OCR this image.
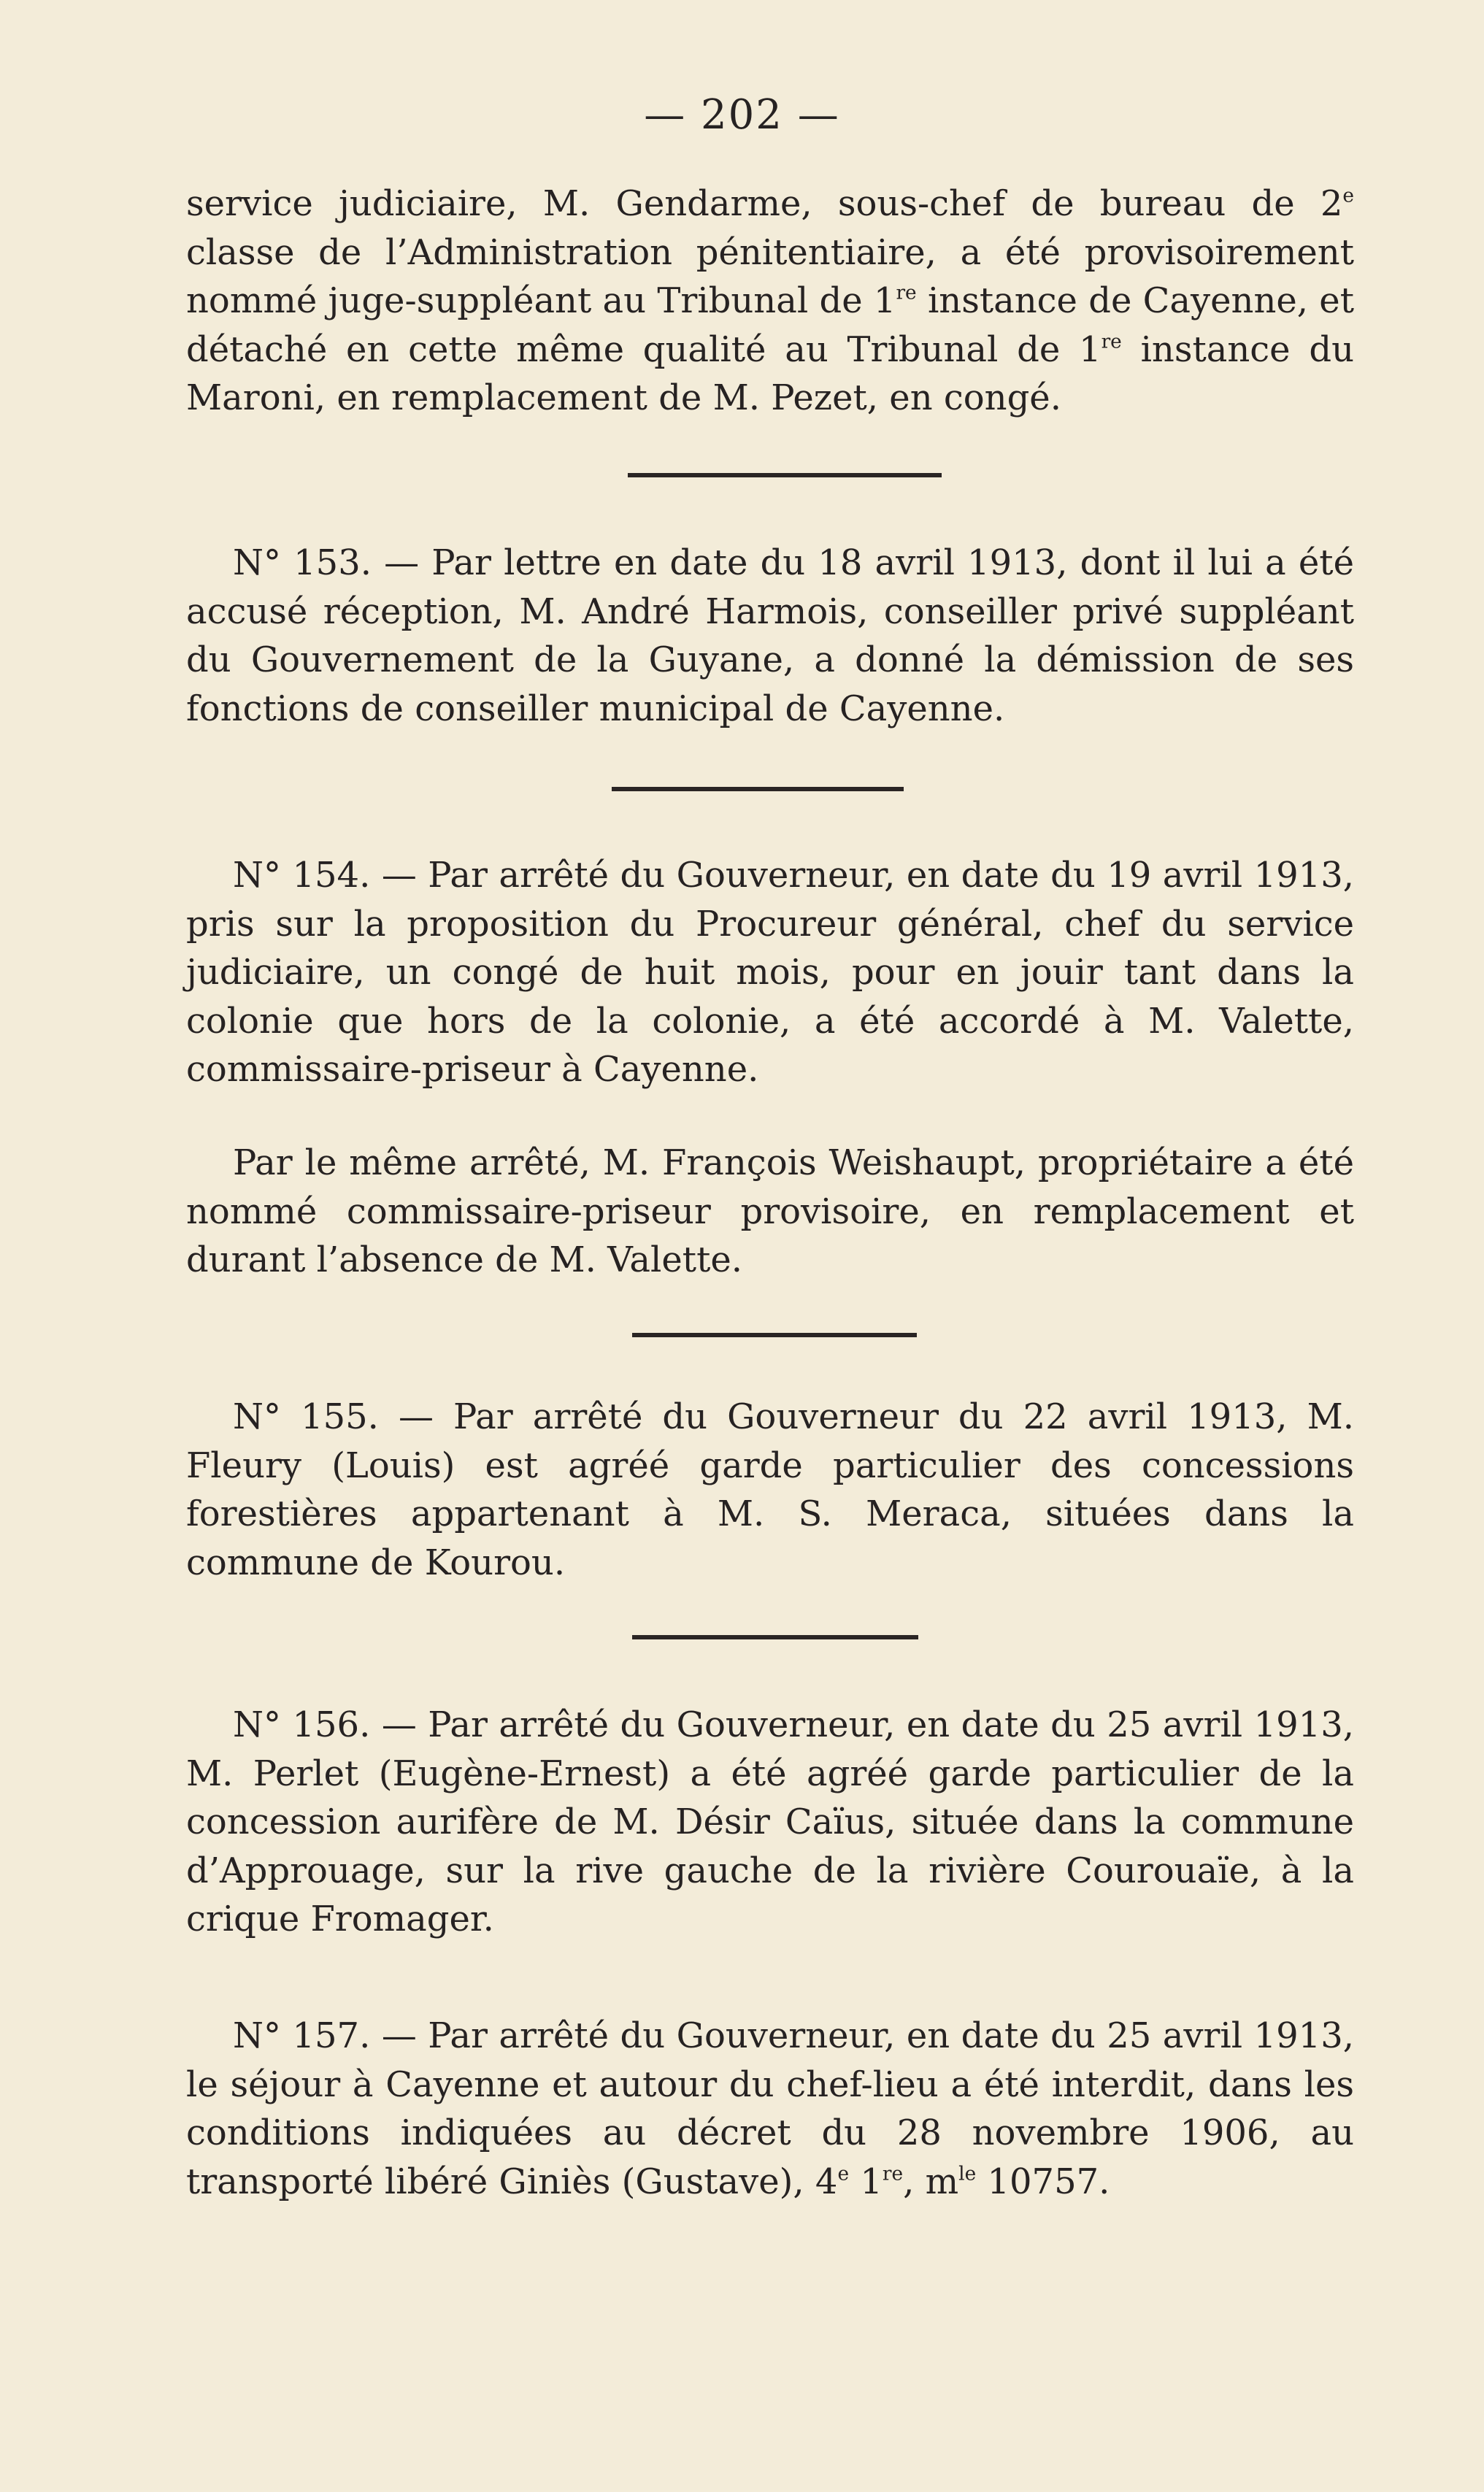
— 202 —

service judiciaire, M. Gendarme, sous-chef de bureau de 2e classe de l’Administration pénitentiaire, a été provisoirement nommé juge-suppléant au Tribunal de 1re instance de Cayenne, et détaché en cette même qualité au Tribunal de 1re instance du Maroni, en remplacement de M. Pezet, en congé.

N° 153. — Par lettre en date du 18 avril 1913, dont il lui a été accusé réception, M. André Harmois, conseiller privé suppléant du Gouvernement de la Guyane, a donné la démission de ses fonctions de conseiller municipal de Cayenne.

N° 154. — Par arrêté du Gouverneur, en date du 19 avril 1913, pris sur la proposition du Procureur général, chef du service judiciaire, un congé de huit mois, pour en jouir tant dans la colonie que hors de la colonie, a été accordé à M. Valette, commissaire-priseur à Cayenne.

Par le même arrêté, M. François Weishaupt, propriétaire a été nommé commissaire-priseur provisoire, en remplacement et durant l’absence de M. Valette.

N° 155. — Par arrêté du Gouverneur du 22 avril 1913, M. Fleury (Louis) est agréé garde particulier des concessions forestières appartenant à M. S. Meraca, situées dans la commune de Kourou.

N° 156. — Par arrêté du Gouverneur, en date du 25 avril 1913, M. Perlet (Eugène-Ernest) a été agréé garde particulier de la concession aurifère de M. Désir Caïus, située dans la commune d’Approuage, sur la rive gauche de la rivière Courouaïe, à la crique Fromager.

N° 157. — Par arrêté du Gouverneur, en date du 25 avril 1913, le séjour à Cayenne et autour du chef-lieu a été interdit, dans les conditions indiquées au décret du 28 novembre 1906, au transporté libéré Giniès (Gustave), 4e 1re, $m^{le}$ 10757.
